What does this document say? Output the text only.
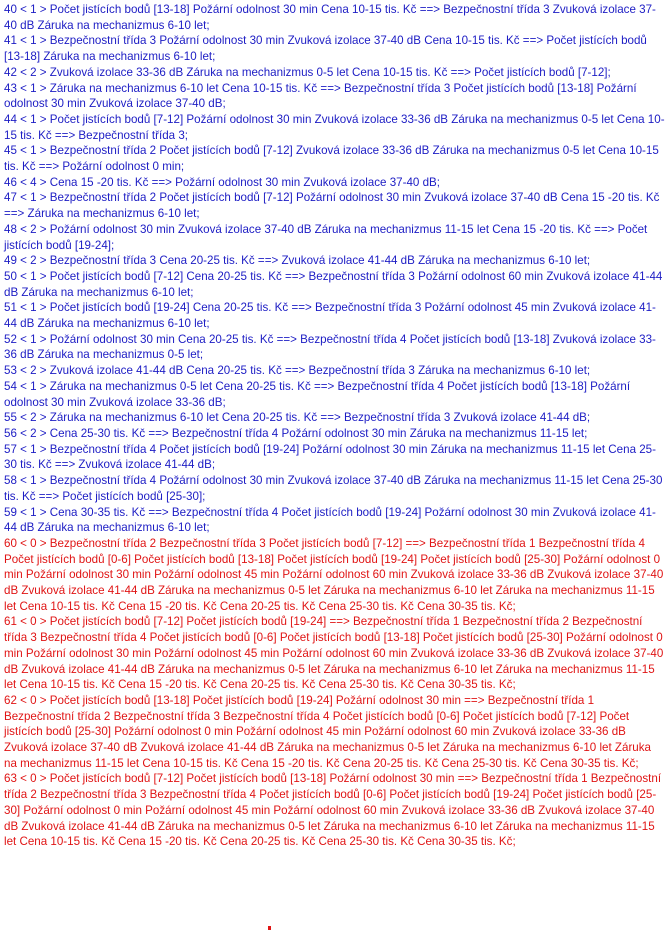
40 < 1 > Počet jistících bodů [13-18] Požární odolnost 30 min Cena 10-15 tis. Kč ==> Bezpečnostní třída 3 Zvuková izolace 37-40 dB Záruka na mechanizmus 6-10 let;

41 < 1 > Bezpečnostní třída 3 Požární odolnost 30 min Zvuková izolace 37-40 dB Cena 10-15 tis. Kč ==> Počet jistících bodů [13-18] Záruka na mechanizmus 6-10 let;

42 < 2 > Zvuková izolace 33-36 dB Záruka na mechanizmus 0-5 let Cena 10-15 tis. Kč ==> Počet jistících bodů [7-12];

43 < 1 > Záruka na mechanizmus 6-10 let Cena 10-15 tis. Kč ==> Bezpečnostní třída 3 Počet jistících bodů [13-18] Požární odolnost 30 min Zvuková izolace 37-40 dB;

44 < 1 > Počet jistících bodů [7-12] Požární odolnost 30 min Zvuková izolace 33-36 dB Záruka na mechanizmus 0-5 let Cena 10-15 tis. Kč ==> Bezpečnostní třída 3;

45 < 1 > Bezpečnostní třída 2 Počet jistících bodů [7-12] Zvuková izolace 33-36 dB Záruka na mechanizmus 0-5 let Cena 10-15 tis. Kč ==> Požární odolnost 0 min;

46 < 4 > Cena 15 -20 tis. Kč ==> Požární odolnost 30 min Zvuková izolace 37-40 dB;

47 < 1 > Bezpečnostní třída 2 Počet jistících bodů [7-12] Požární odolnost 30 min Zvuková izolace 37-40 dB Cena 15 -20 tis. Kč ==> Záruka na mechanizmus 6-10 let;

48 < 2 > Požární odolnost 30 min Zvuková izolace 37-40 dB Záruka na mechanizmus 11-15 let Cena 15 -20 tis. Kč ==> Počet jistících bodů [19-24];

49 < 2 > Bezpečnostní třída 3 Cena 20-25 tis. Kč ==> Zvuková izolace 41-44 dB Záruka na mechanizmus 6-10 let;

50 < 1 > Počet jistících bodů [7-12] Cena 20-25 tis. Kč ==> Bezpečnostní třída 3 Požární odolnost 60 min Zvuková izolace 41-44 dB Záruka na mechanizmus 6-10 let;

51 < 1 > Počet jistících bodů [19-24] Cena 20-25 tis. Kč ==> Bezpečnostní třída 3 Požární odolnost 45 min Zvuková izolace 41-44 dB Záruka na mechanizmus 6-10 let;

52 < 1 > Požární odolnost 30 min Cena 20-25 tis. Kč ==> Bezpečnostní třída 4 Počet jistících bodů [13-18] Zvuková izolace 33-36 dB Záruka na mechanizmus 0-5 let;

53 < 2 > Zvuková izolace 41-44 dB Cena 20-25 tis. Kč ==> Bezpečnostní třída 3 Záruka na mechanizmus 6-10 let;

54 < 1 > Záruka na mechanizmus 0-5 let Cena 20-25 tis. Kč ==> Bezpečnostní třída 4 Počet jistících bodů [13-18] Požární odolnost 30 min Zvuková izolace 33-36 dB;

55 < 2 > Záruka na mechanizmus 6-10 let Cena 20-25 tis. Kč ==> Bezpečnostní třída 3 Zvuková izolace 41-44 dB;

56 < 2 > Cena 25-30 tis. Kč ==> Bezpečnostní třída 4 Požární odolnost 30 min Záruka na mechanizmus 11-15 let;

57 < 1 > Bezpečnostní třída 4 Počet jistících bodů [19-24] Požární odolnost 30 min Záruka na mechanizmus 11-15 let Cena 25-30 tis. Kč ==> Zvuková izolace 41-44 dB;

58 < 1 > Bezpečnostní třída 4 Požární odolnost 30 min Zvuková izolace 37-40 dB Záruka na mechanizmus 11-15 let Cena 25-30 tis. Kč ==> Počet jistících bodů [25-30];

59 < 1 > Cena 30-35 tis. Kč ==> Bezpečnostní třída 4 Počet jistících bodů [19-24] Požární odolnost 30 min Zvuková izolace 41-44 dB Záruka na mechanizmus 6-10 let;

60 < 0 > Bezpečnostní třída 2 Bezpečnostní třída 3 Počet jistících bodů [7-12] ==> Bezpečnostní třída 1 Bezpečnostní třída 4 Počet jistících bodů [0-6] Počet jistících bodů [13-18] Počet jistících bodů [19-24] Počet jistících bodů [25-30] Požární odolnost 0 min Požární odolnost 30 min Požární odolnost 45 min Požární odolnost 60 min Zvuková izolace 33-36 dB Zvuková izolace 37-40 dB Zvuková izolace 41-44 dB Záruka na mechanizmus 0-5 let Záruka na mechanizmus 6-10 let Záruka na mechanizmus 11-15 let Cena 10-15 tis. Kč Cena 15 -20 tis. Kč Cena 20-25 tis. Kč Cena 25-30 tis. Kč Cena 30-35 tis. Kč;

61 < 0 > Počet jistících bodů [7-12] Počet jistících bodů [19-24] ==> Bezpečnostní třída 1 Bezpečnostní třída 2 Bezpečnostní třída 3 Bezpečnostní třída 4 Počet jistících bodů [0-6] Počet jistících bodů [13-18] Počet jistících bodů [25-30] Požární odolnost 0 min Požární odolnost 30 min Požární odolnost 45 min Požární odolnost 60 min Zvuková izolace 33-36 dB Zvuková izolace 37-40 dB Zvuková izolace 41-44 dB Záruka na mechanizmus 0-5 let Záruka na mechanizmus 6-10 let Záruka na mechanizmus 11-15 let Cena 10-15 tis. Kč Cena 15 -20 tis. Kč Cena 20-25 tis. Kč Cena 25-30 tis. Kč Cena 30-35 tis. Kč;

62 < 0 > Počet jistících bodů [13-18] Počet jistících bodů [19-24] Požární odolnost 30 min ==> Bezpečnostní třída 1 Bezpečnostní třída 2 Bezpečnostní třída 3 Bezpečnostní třída 4 Počet jistících bodů [0-6] Počet jistících bodů [7-12] Počet jistících bodů [25-30] Požární odolnost 0 min Požární odolnost 45 min Požární odolnost 60 min Zvuková izolace 33-36 dB Zvuková izolace 37-40 dB Zvuková izolace 41-44 dB Záruka na mechanizmus 0-5 let Záruka na mechanizmus 6-10 let Záruka na mechanizmus 11-15 let Cena 10-15 tis. Kč Cena 15 -20 tis. Kč Cena 20-25 tis. Kč Cena 25-30 tis. Kč Cena 30-35 tis. Kč;

63 < 0 > Počet jistících bodů [7-12] Počet jistících bodů [13-18] Požární odolnost 30 min ==> Bezpečnostní třída 1 Bezpečnostní třída 2 Bezpečnostní třída 3 Bezpečnostní třída 4 Počet jistících bodů [0-6] Počet jistících bodů [19-24] Počet jistících bodů [25-30] Požární odolnost 0 min Požární odolnost 45 min Požární odolnost 60 min Zvuková izolace 33-36 dB Zvuková izolace 37-40 dB Zvuková izolace 41-44 dB Záruka na mechanizmus 0-5 let Záruka na mechanizmus 6-10 let Záruka na mechanizmus 11-15 let Cena 10-15 tis. Kč Cena 15 -20 tis. Kč Cena 20-25 tis. Kč Cena 25-30 tis. Kč Cena 30-35 tis. Kč;
